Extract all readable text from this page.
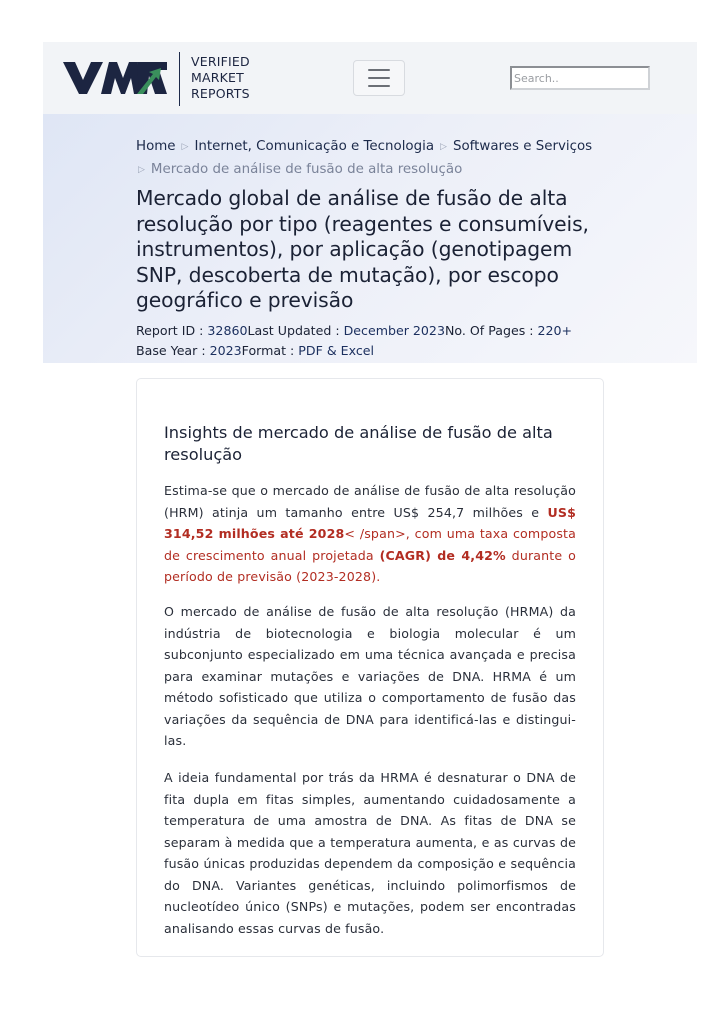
VERIFIED
MARKET
REPORTS
Search..
Home ▷ Internet, Comunicação e Tecnologia ▷ Softwares e Serviços
▷ Mercado de análise de fusão de alta resolução
Mercado global de análise de fusão de alta resolução por tipo (reagentes e consumíveis, instrumentos), por aplicação (genotipagem SNP, descoberta de mutação), por escopo geográfico e previsão
Report ID : 32860Last Updated : December 2023No. Of Pages : 220+
Base Year : 2023Format : PDF & Excel
Insights de mercado de análise de fusão de alta resolução

Estima-se que o mercado de análise de fusão de alta resolução (HRM) atinja um tamanho entre US$ 254,7 milhões e US$ 314,52 milhões até 2028< /span>, com uma taxa composta de crescimento anual projetada (CAGR) de 4,42% durante o período de previsão (2023-2028).

O mercado de análise de fusão de alta resolução (HRMA) da indústria de biotecnologia e biologia molecular é um subconjunto especializado em uma técnica avançada e precisa para examinar mutações e variações de DNA. HRMA é um método sofisticado que utiliza o comportamento de fusão das variações da sequência de DNA para identificá-las e distingui-las.

A ideia fundamental por trás da HRMA é desnaturar o DNA de fita dupla em fitas simples, aumentando cuidadosamente a temperatura de uma amostra de DNA. As fitas de DNA se separam à medida que a temperatura aumenta, e as curvas de fusão únicas produzidas dependem da composição e sequência do DNA. Variantes genéticas, incluindo polimorfismos de nucleotídeo único (SNPs) e mutações, podem ser encontradas analisando essas curvas de fusão.
